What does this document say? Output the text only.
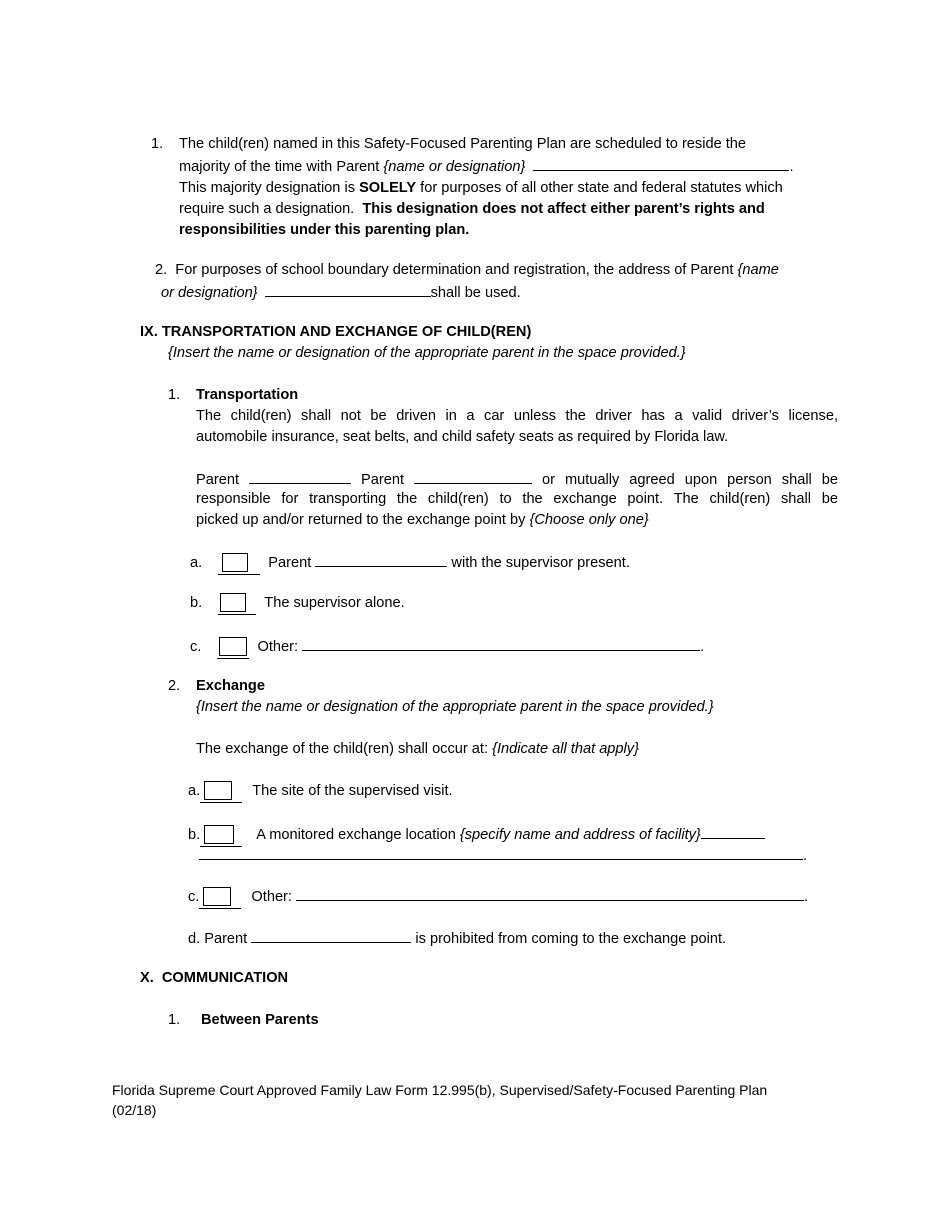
1. The child(ren) named in this Safety-Focused Parenting Plan are scheduled to reside the
majority of the time with Parent {name or designation}	.
This majority designation is SOLELY for purposes of all other state and federal statutes which
require such a designation.  This designation does not affect either parent’s rights and
responsibilities under this parenting plan.
2. For purposes of school boundary determination and registration, the address of Parent {name
or designation}	shall be used.
IX. TRANSPORTATION AND EXCHANGE OF CHILD(REN)
{Insert the name or designation of the appropriate parent in the space provided.}
1. Transportation
The child(ren) shall not be driven in a car unless the driver has a valid driver’s license,
automobile insurance, seat belts, and child safety seats as required by Florida law.
Parent	Parent	or mutually agreed upon person shall be
responsible for transporting the child(ren) to the exchange point. The child(ren) shall be
picked up and/or returned to the exchange point by {Choose only one}
a.	Parent	with the supervisor present.
b.	The supervisor alone.
c.	Other:	.
2. Exchange
{Insert the name or designation of the appropriate parent in the space provided.}
The exchange of the child(ren) shall occur at: {Indicate all that apply}
a.	The site of the supervised visit.
b.	A monitored exchange location {specify name and address of facility}
.
c.	Other:	.
d. Parent	is prohibited from coming to the exchange point.
X.  COMMUNICATION
1. Between Parents
Florida Supreme Court Approved Family Law Form 12.995(b), Supervised/Safety-Focused Parenting Plan
(02/18)
